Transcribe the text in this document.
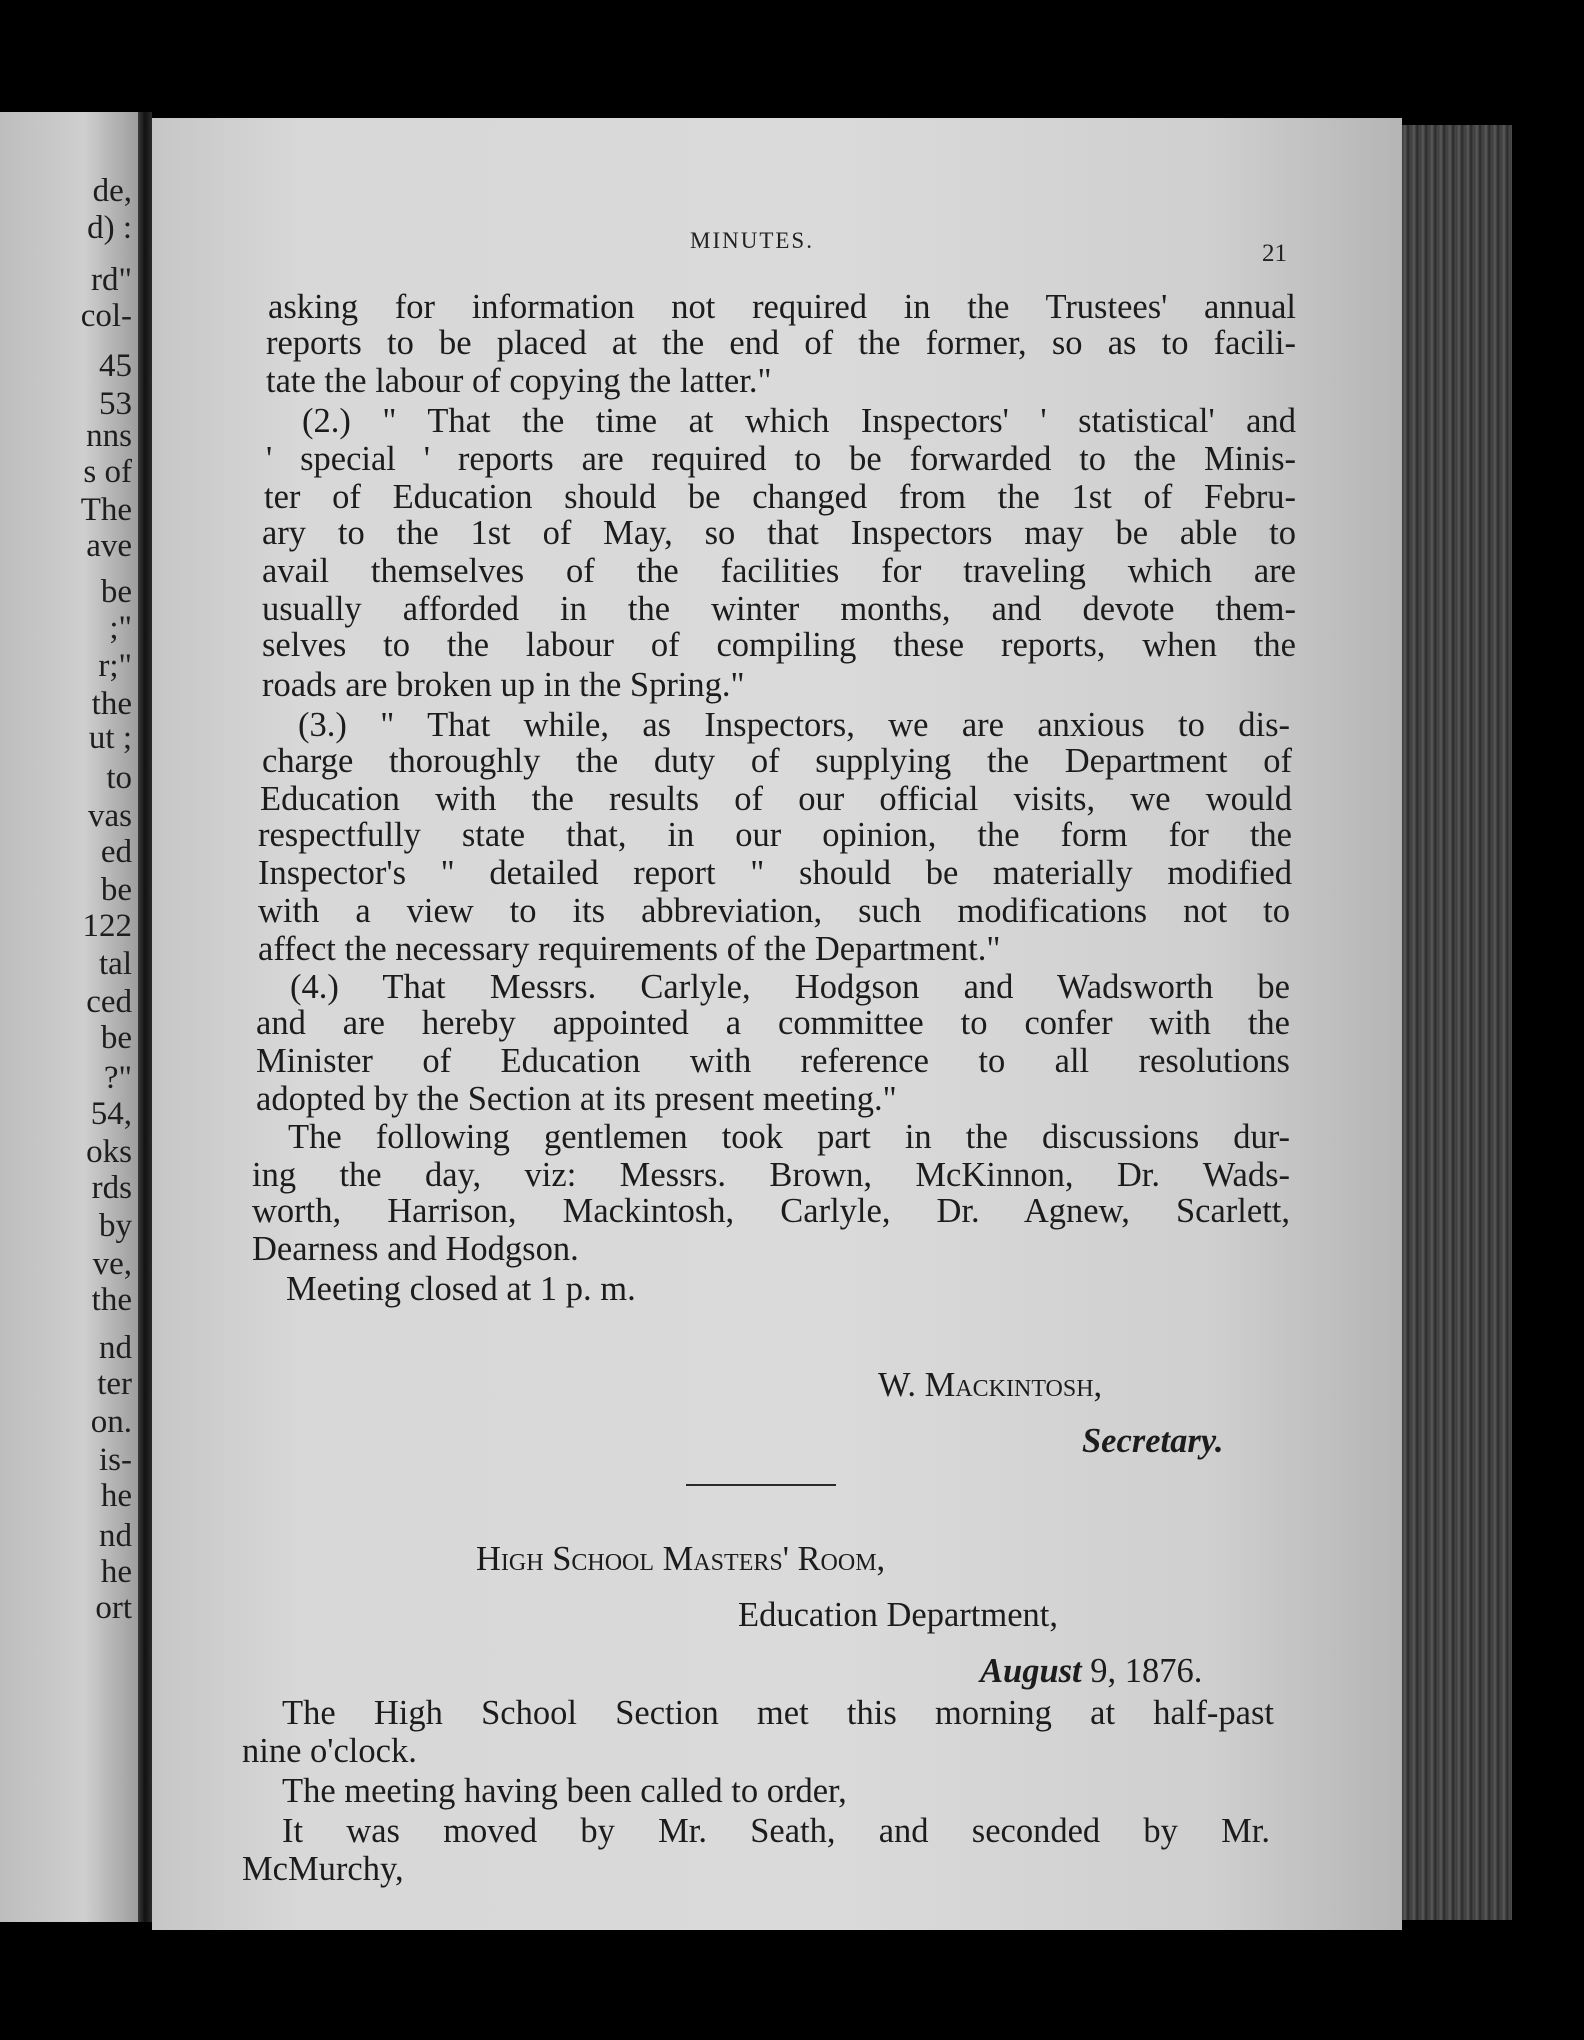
de,
d) :
rd"
col-
45
53
nns
s of
The
ave
be
;"
r;"
the
ut ;
to
vas
ed
be
122
tal
ced
be
?"
54,
oks
rds
by
ve,
the
nd
ter
on.
is-
he
nd
he
ort
MINUTES.	21
asking for information not required in the Trustees' annual
reports to be placed at the end of the former, so as to facili-
tate the labour of copying the latter."
(2.) " That the time at which Inspectors' ' statistical' and
' special ' reports are required to be forwarded to the Minis-
ter of Education should be changed from the 1st of Febru-
ary to the 1st of May, so that Inspectors may be able to
avail themselves of the facilities for traveling which are
usually afforded in the winter months, and devote them-
selves to the labour of compiling these reports, when the
roads are broken up in the Spring."
(3.) " That while, as Inspectors, we are anxious to dis-
charge thoroughly the duty of supplying the Department of
Education with the results of our official visits, we would
respectfully state that, in our opinion, the form for the
Inspector's " detailed report " should be materially modified
with a view to its abbreviation, such modifications not to
affect the necessary requirements of the Department."
(4.) That Messrs. Carlyle, Hodgson and Wadsworth be
and are hereby appointed a committee to confer with the
Minister of Education with reference to all resolutions
adopted by the Section at its present meeting."
The following gentlemen took part in the discussions dur-
ing the day, viz: Messrs. Brown, McKinnon, Dr. Wads-
worth, Harrison, Mackintosh, Carlyle, Dr. Agnew, Scarlett,
Dearness and Hodgson.
Meeting closed at 1 p. m.
W. Mackintosh,
Secretary.
High School Masters' Room,
Education Department,
August 9, 1876.
The High School Section met this morning at half-past
nine o'clock.
The meeting having been called to order,
It was moved by Mr. Seath, and seconded by Mr.
McMurchy,
